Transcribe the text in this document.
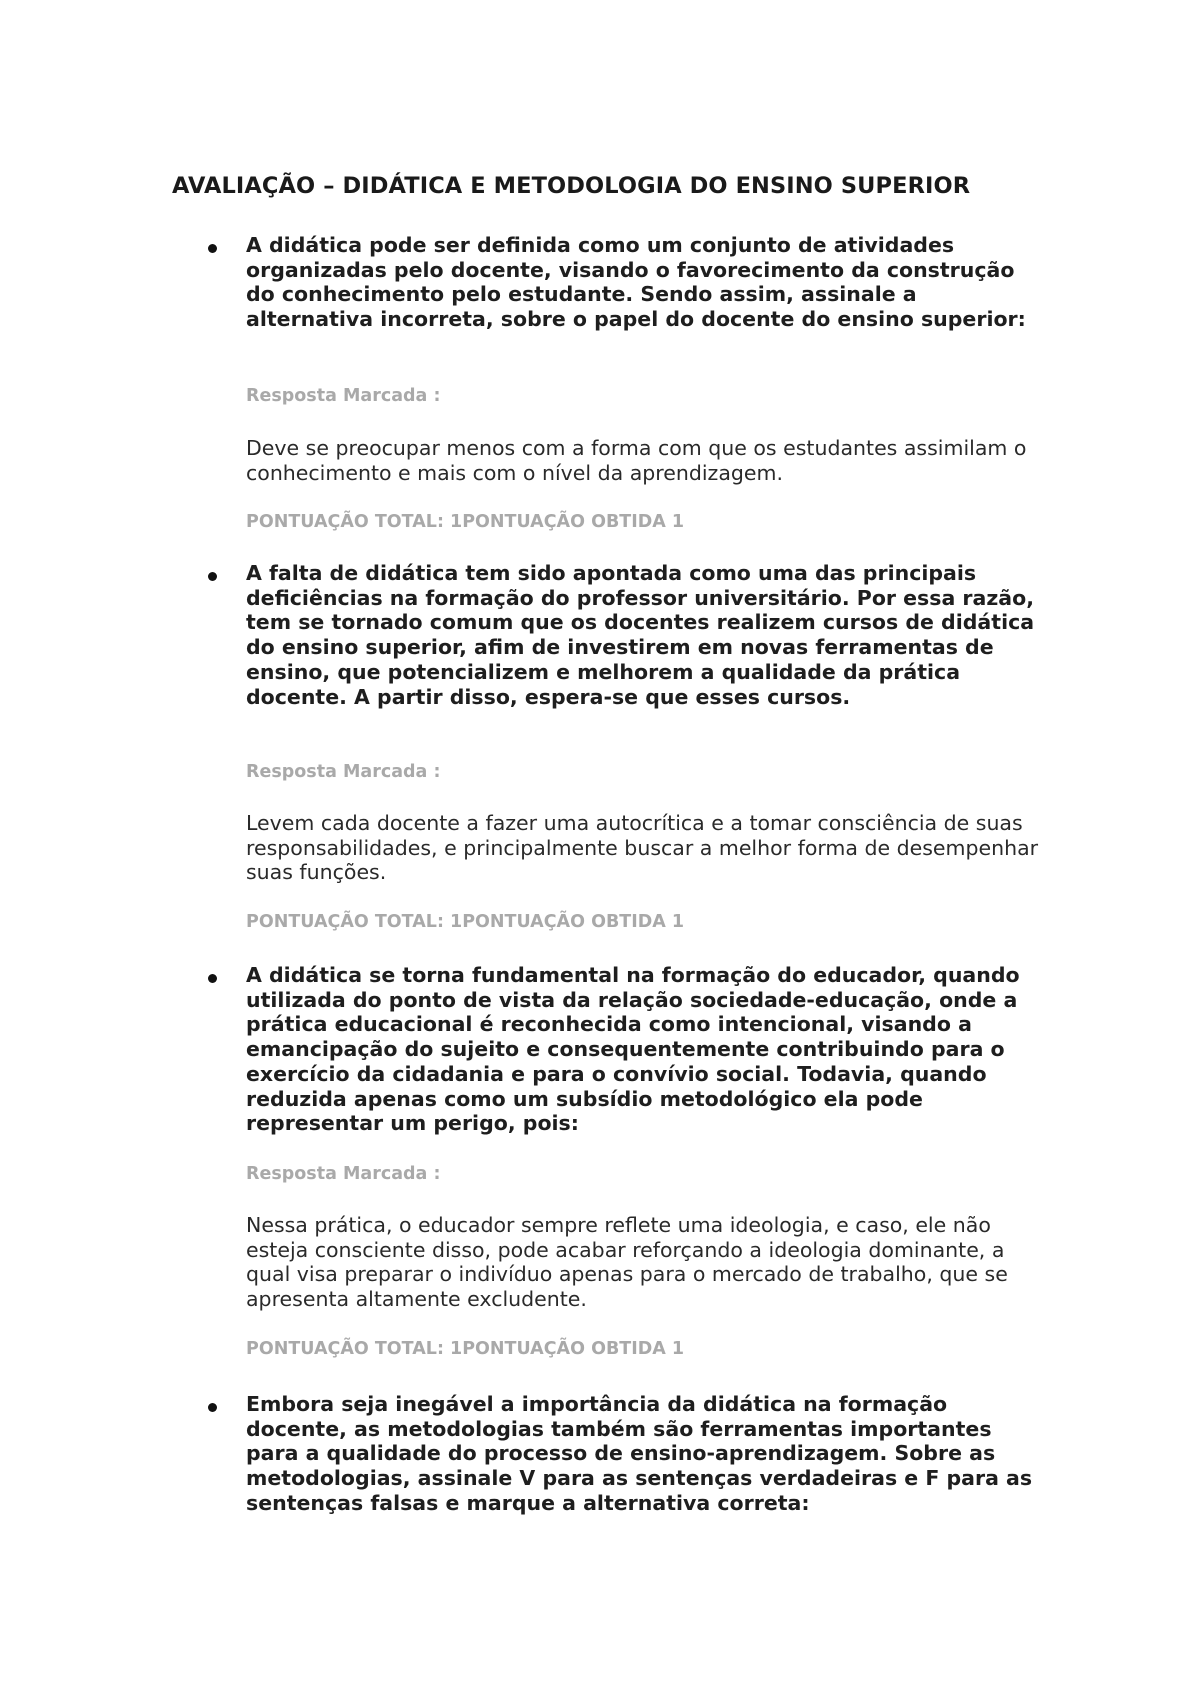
AVALIAÇÃO – DIDÁTICA E METODOLOGIA DO ENSINO SUPERIOR

A didática pode ser definida como um conjunto de atividades organizadas pelo docente, visando o favorecimento da construção do conhecimento pelo estudante. Sendo assim, assinale a alternativa incorreta, sobre o papel do docente do ensino superior:

Resposta Marcada :

Deve se preocupar menos com a forma com que os estudantes assimilam o conhecimento e mais com o nível da aprendizagem.

PONTUAÇÃO TOTAL: 1PONTUAÇÃO OBTIDA 1

A falta de didática tem sido apontada como uma das principais deficiências na formação do professor universitário. Por essa razão, tem se tornado comum que os docentes realizem cursos de didática do ensino superior, afim de investirem em novas ferramentas de ensino, que potencializem e melhorem a qualidade da prática docente. A partir disso, espera-se que esses cursos.

Resposta Marcada :

Levem cada docente a fazer uma autocrítica e a tomar consciência de suas responsabilidades, e principalmente buscar a melhor forma de desempenhar suas funções.

PONTUAÇÃO TOTAL: 1PONTUAÇÃO OBTIDA 1

A didática se torna fundamental na formação do educador, quando utilizada do ponto de vista da relação sociedade-educação, onde a prática educacional é reconhecida como intencional, visando a emancipação do sujeito e consequentemente contribuindo para o exercício da cidadania e para o convívio social. Todavia, quando reduzida apenas como um subsídio metodológico ela pode representar um perigo, pois:

Resposta Marcada :

Nessa prática, o educador sempre reflete uma ideologia, e caso, ele não esteja consciente disso, pode acabar reforçando a ideologia dominante, a qual visa preparar o indivíduo apenas para o mercado de trabalho, que se apresenta altamente excludente.

PONTUAÇÃO TOTAL: 1PONTUAÇÃO OBTIDA 1

Embora seja inegável a importância da didática na formação docente, as metodologias também são ferramentas importantes para a qualidade do processo de ensino-aprendizagem. Sobre as metodologias, assinale V para as sentenças verdadeiras e F para as sentenças falsas e marque a alternativa correta:
